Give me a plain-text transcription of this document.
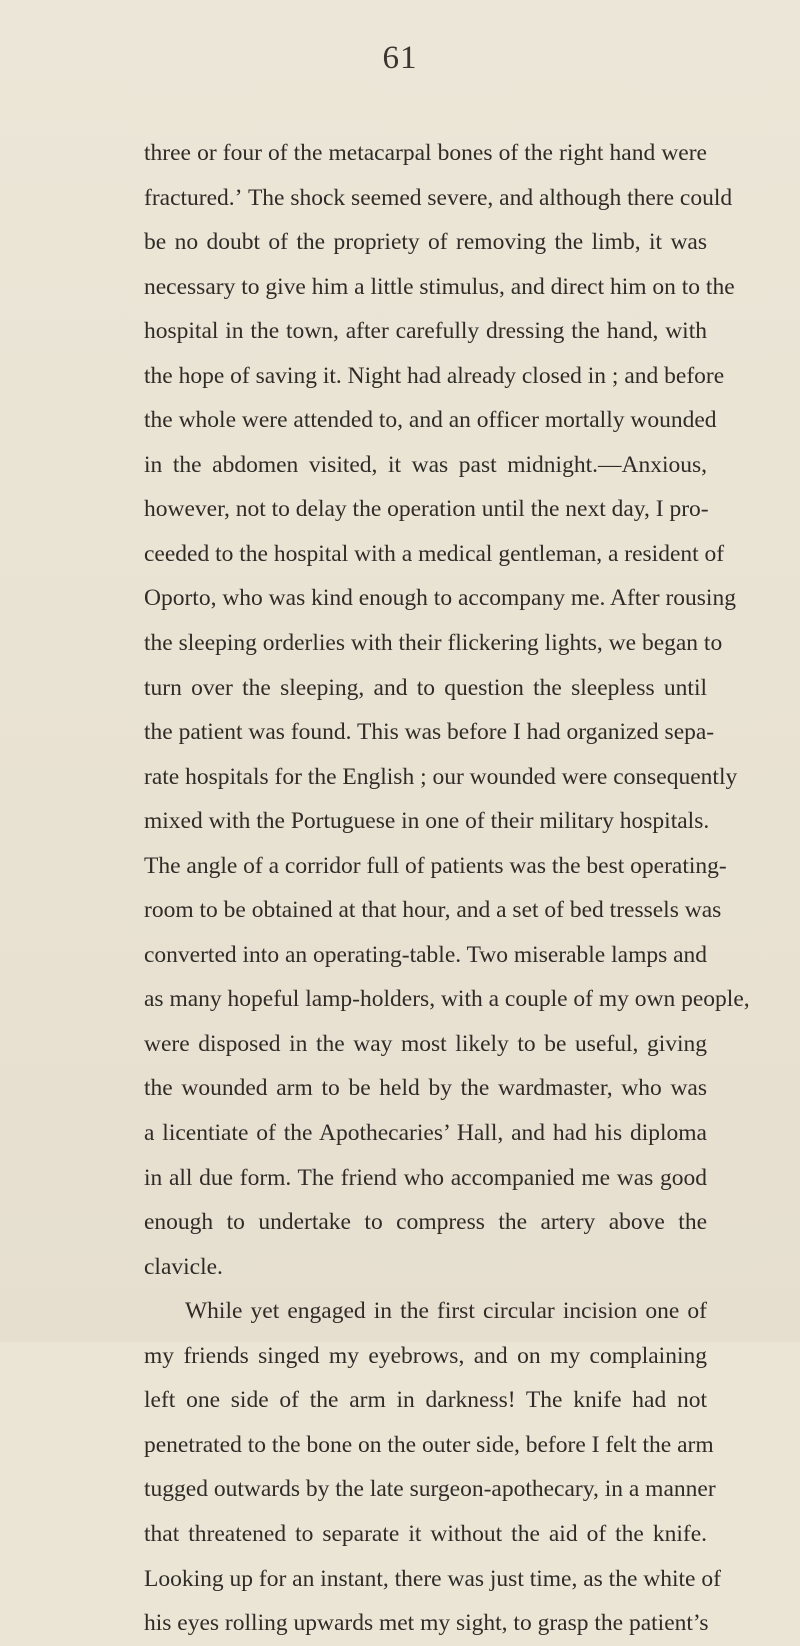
61
three or four of the metacarpal bones of the right hand were
fractured.ʼ The shock seemed severe, and although there could
be no doubt of the propriety of removing the limb, it was
necessary to give him a little stimulus, and direct him on to the
hospital in the town, after carefully dressing the hand, with
the hope of saving it. Night had already closed in ; and before
the whole were attended to, and an officer mortally wounded
in the abdomen visited, it was past midnight.—Anxious,
however, not to delay the operation until the next day, I pro-
ceeded to the hospital with a medical gentleman, a resident of
Oporto, who was kind enough to accompany me. After rousing
the sleeping orderlies with their flickering lights, we began to
turn over the sleeping, and to question the sleepless until
the patient was found. This was before I had organized sepa-
rate hospitals for the English ; our wounded were consequently
mixed with the Portuguese in one of their military hospitals.
The angle of a corridor full of patients was the best operating-
room to be obtained at that hour, and a set of bed tressels was
converted into an operating-table. Two miserable lamps and
as many hopeful lamp-holders, with a couple of my own people,
were disposed in the way most likely to be useful, giving
the wounded arm to be held by the wardmaster, who was
a licentiate of the Apothecaries’ Hall, and had his diploma
in all due form. The friend who accompanied me was good
enough to undertake to compress the artery above the
clavicle.
While yet engaged in the first circular incision one of
my friends singed my eyebrows, and on my complaining
left one side of the arm in darkness! The knife had not
penetrated to the bone on the outer side, before I felt the arm
tugged outwards by the late surgeon-apothecary, in a manner
that threatened to separate it without the aid of the knife.
Looking up for an instant, there was just time, as the white of
his eyes rolling upwards met my sight, to grasp the patient’s
